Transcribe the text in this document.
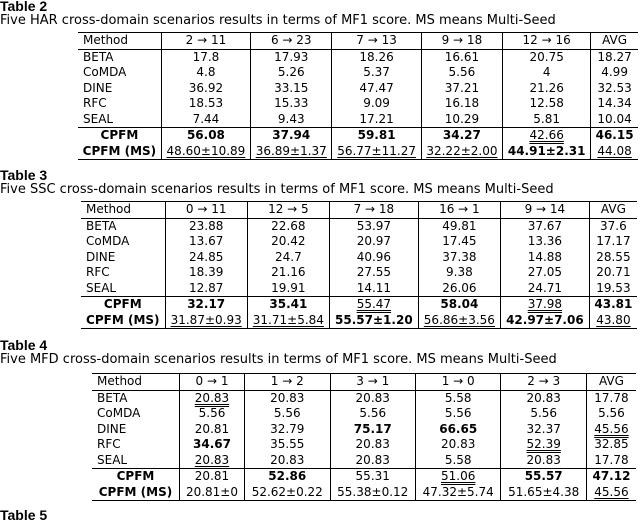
Table 2
Five HAR cross-domain scenarios results in terms of MF1 score. MS means Multi-Seed
Method	2 → 11	6 → 23	7 → 13	9 → 18	12 → 16	AVG
BETA	17.8	17.93	18.26	16.61	20.75	18.27
CoMDA	4.8	5.26	5.37	5.56	4	4.99
DINE	36.92	33.15	47.47	37.21	21.26	32.53
RFC	18.53	15.33	9.09	16.18	12.58	14.34
SEAL	7.44	9.43	17.21	10.29	5.81	10.04
CPFM	56.08	37.94	59.81	34.27	42.66	46.15
CPFM (MS)	48.60±10.89	36.89±1.37	56.77±11.27	32.22±2.00	44.91±2.31	44.08
Table 3
Five SSC cross-domain scenarios results in terms of MF1 score. MS means Multi-Seed
Method	0 → 11	12 → 5	7 → 18	16 → 1	9 → 14	AVG
BETA	23.88	22.68	53.97	49.81	37.67	37.6
CoMDA	13.67	20.42	20.97	17.45	13.36	17.17
DINE	24.85	24.7	40.96	37.38	14.88	28.55
RFC	18.39	21.16	27.55	9.38	27.05	20.71
SEAL	12.87	19.91	14.11	26.06	24.71	19.53
CPFM	32.17	35.41	55.47	58.04	37.98	43.81
CPFM (MS)	31.87±0.93	31.71±5.84	55.57±1.20	56.86±3.56	42.97±7.06	43.80
Table 4
Five MFD cross-domain scenarios results in terms of MF1 score. MS means Multi-Seed
Method	0 → 1	1 → 2	3 → 1	1 → 0	2 → 3	AVG
BETA	20.83	20.83	20.83	5.58	20.83	17.78
CoMDA	5.56	5.56	5.56	5.56	5.56	5.56
DINE	20.81	32.79	75.17	66.65	32.37	45.56
RFC	34.67	35.55	20.83	20.83	52.39	32.85
SEAL	20.83	20.83	20.83	5.58	20.83	17.78
CPFM	20.81	52.86	55.31	51.06	55.57	47.12
CPFM (MS)	20.81±0	52.62±0.22	55.38±0.12	47.32±5.74	51.65±4.38	45.56
Table 5
